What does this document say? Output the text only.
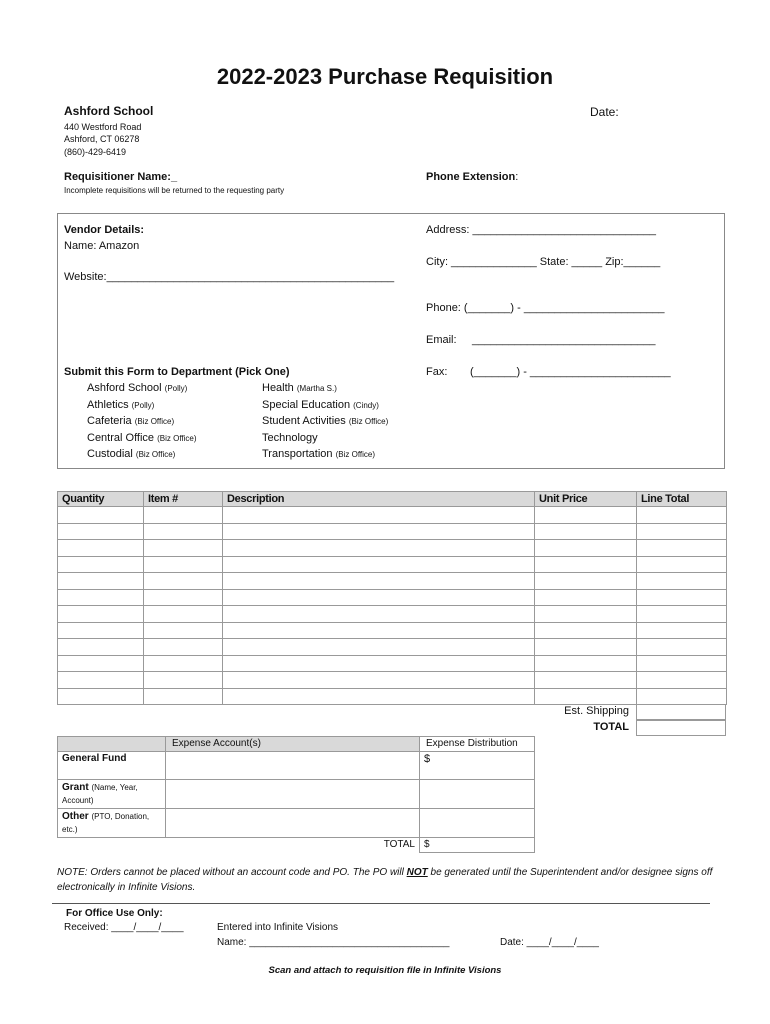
2022-2023 Purchase Requisition
Ashford School
440 Westford Road
Ashford, CT 06278
(860)-429-6419
Date:
Requisitioner Name:_
Incomplete requisitions will be returned to the requesting party
Phone Extension:
Vendor Details:
Name: Amazon
Website:_______________________________________________
Address: ______________________________
City: ______________ State: _____ Zip:______
Phone: (_______) - _______________________
Email: ______________________________
Fax: (_______) - _______________________
Submit this Form to Department (Pick One)
Ashford School (Polly)
Athletics (Polly)
Cafeteria (Biz Office)
Central Office (Biz Office)
Custodial (Biz Office)
Health (Martha S.)
Special Education (Cindy)
Student Activities (Biz Office)
Technology
Transportation (Biz Office)
Quantity	Item #	Description	Unit Price	Line Total

Est. Shipping
TOTAL
	Expense Account(s)	Expense Distribution
General Fund		$
Grant (Name, Year, Account)		
Other (PTO, Donation, etc.)		
	TOTAL	$
NOTE: Orders cannot be placed without an account code and PO. The PO will NOT be generated until the Superintendent and/or designee signs off electronically in Infinite Visions.
For Office Use Only:
Received: ____/____/____	Entered into Infinite Visions
Name: ____________________________________	Date: ____/____/____
Scan and attach to requisition file in Infinite Visions
